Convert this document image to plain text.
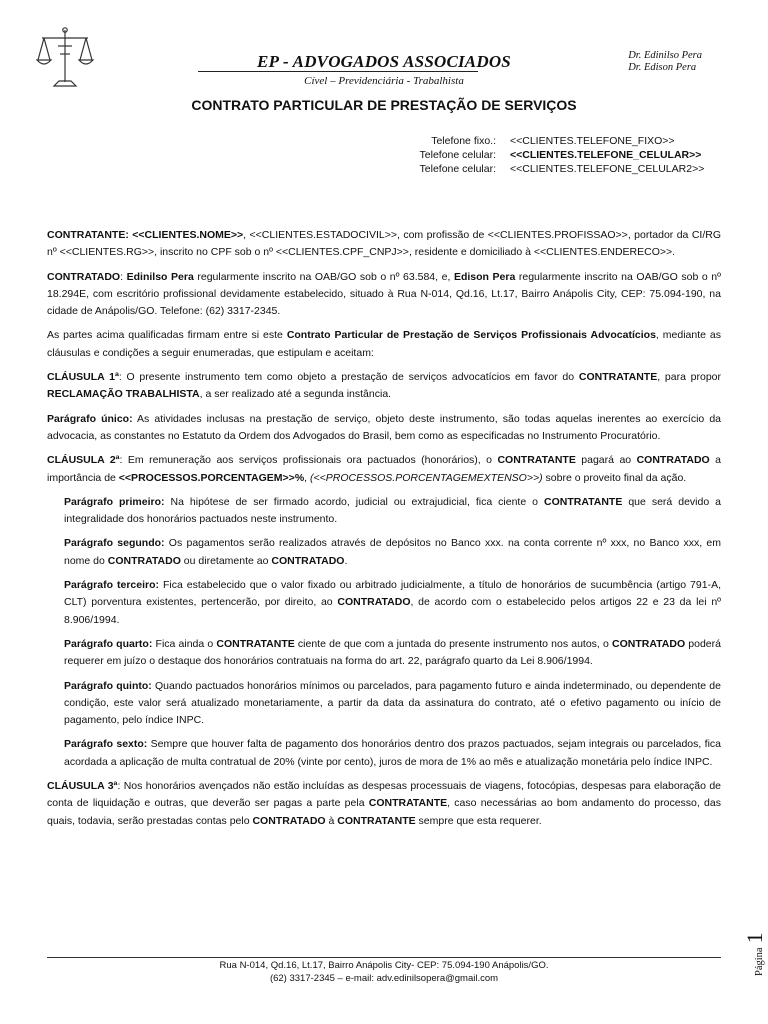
EP - ADVOGADOS ASSOCIADOS
Cível – Previdenciária - Trabalhista
Dr. Edinilso Pera
Dr. Edison Pera
CONTRATO PARTICULAR DE PRESTAÇÃO DE SERVIÇOS
Telefone fixo.:	<<CLIENTES.TELEFONE_FIXO>>
Telefone celular:	<<CLIENTES.TELEFONE_CELULAR>>
Telefone celular:	<<CLIENTES.TELEFONE_CELULAR2>>

CONTRATANTE: <<CLIENTES.NOME>>, <<CLIENTES.ESTADOCIVIL>>, com profissão de <<CLIENTES.PROFISSAO>>, portador da CI/RG nº <<CLIENTES.RG>>, inscrito no CPF sob o nº <<CLIENTES.CPF_CNPJ>>, residente e domiciliado à <<CLIENTES.ENDERECO>>.

CONTRATADO: Edinilso Pera regularmente inscrito na OAB/GO sob o nº 63.584, e, Edison Pera regularmente inscrito na OAB/GO sob o nº 18.294E, com escritório profissional devidamente estabelecido, situado à Rua N-014, Qd.16, Lt.17, Bairro Anápolis City, CEP: 75.094-190, na cidade de Anápolis/GO. Telefone: (62) 3317-2345.

As partes acima qualificadas firmam entre si este Contrato Particular de Prestação de Serviços Profissionais Advocatícios, mediante as cláusulas e condições a seguir enumeradas, que estipulam e aceitam:

CLÁUSULA 1ª: O presente instrumento tem como objeto a prestação de serviços advocatícios em favor do CONTRATANTE, para propor RECLAMAÇÃO TRABALHISTA, a ser realizado até a segunda instância.

Parágrafo único: As atividades inclusas na prestação de serviço, objeto deste instrumento, são todas aquelas inerentes ao exercício da advocacia, as constantes no Estatuto da Ordem dos Advogados do Brasil, bem como as especificadas no Instrumento Procuratório.

CLÁUSULA 2ª: Em remuneração aos serviços profissionais ora pactuados (honorários), o CONTRATANTE pagará ao CONTRATADO a importância de <<PROCESSOS.PORCENTAGEM>>%, (<<PROCESSOS.PORCENTAGEMEXTENSO>>) sobre o proveito final da ação.

Parágrafo primeiro: Na hipótese de ser firmado acordo, judicial ou extrajudicial, fica ciente o CONTRATANTE que será devido a integralidade dos honorários pactuados neste instrumento.

Parágrafo segundo: Os pagamentos serão realizados através de depósitos no Banco xxx. na conta corrente nº xxx, no Banco xxx, em nome do CONTRATADO ou diretamente ao CONTRATADO.

Parágrafo terceiro: Fica estabelecido que o valor fixado ou arbitrado judicialmente, a título de honorários de sucumbência (artigo 791-A, CLT) porventura existentes, pertencerão, por direito, ao CONTRATADO, de acordo com o estabelecido pelos artigos 22 e 23 da lei nº 8.906/1994.

Parágrafo quarto: Fica ainda o CONTRATANTE ciente de que com a juntada do presente instrumento nos autos, o CONTRATADO poderá requerer em juízo o destaque dos honorários contratuais na forma do art. 22, parágrafo quarto da Lei 8.906/1994.

Parágrafo quinto: Quando pactuados honorários mínimos ou parcelados, para pagamento futuro e ainda indeterminado, ou dependente de condição, este valor será atualizado monetariamente, a partir da data da assinatura do contrato, até o efetivo pagamento ou início de pagamento, pelo índice INPC.

Parágrafo sexto: Sempre que houver falta de pagamento dos honorários dentro dos prazos pactuados, sejam integrais ou parcelados, fica acordada a aplicação de multa contratual de 20% (vinte por cento), juros de mora de 1% ao mês e atualização monetária pelo índice INPC.

CLÁUSULA 3ª: Nos honorários avençados não estão incluídas as despesas processuais de viagens, fotocópias, despesas para elaboração de conta de liquidação e outras, que deverão ser pagas a parte pela CONTRATANTE, caso necessárias ao bom andamento do processo, das quais, todavia, serão prestadas contas pelo CONTRATADO à CONTRATANTE sempre que esta requerer.

Página 1
Rua N-014, Qd.16, Lt.17, Bairro Anápolis City- CEP: 75.094-190 Anápolis/GO.
(62) 3317-2345 – e-mail: adv.edinilsopera@gmail.com
